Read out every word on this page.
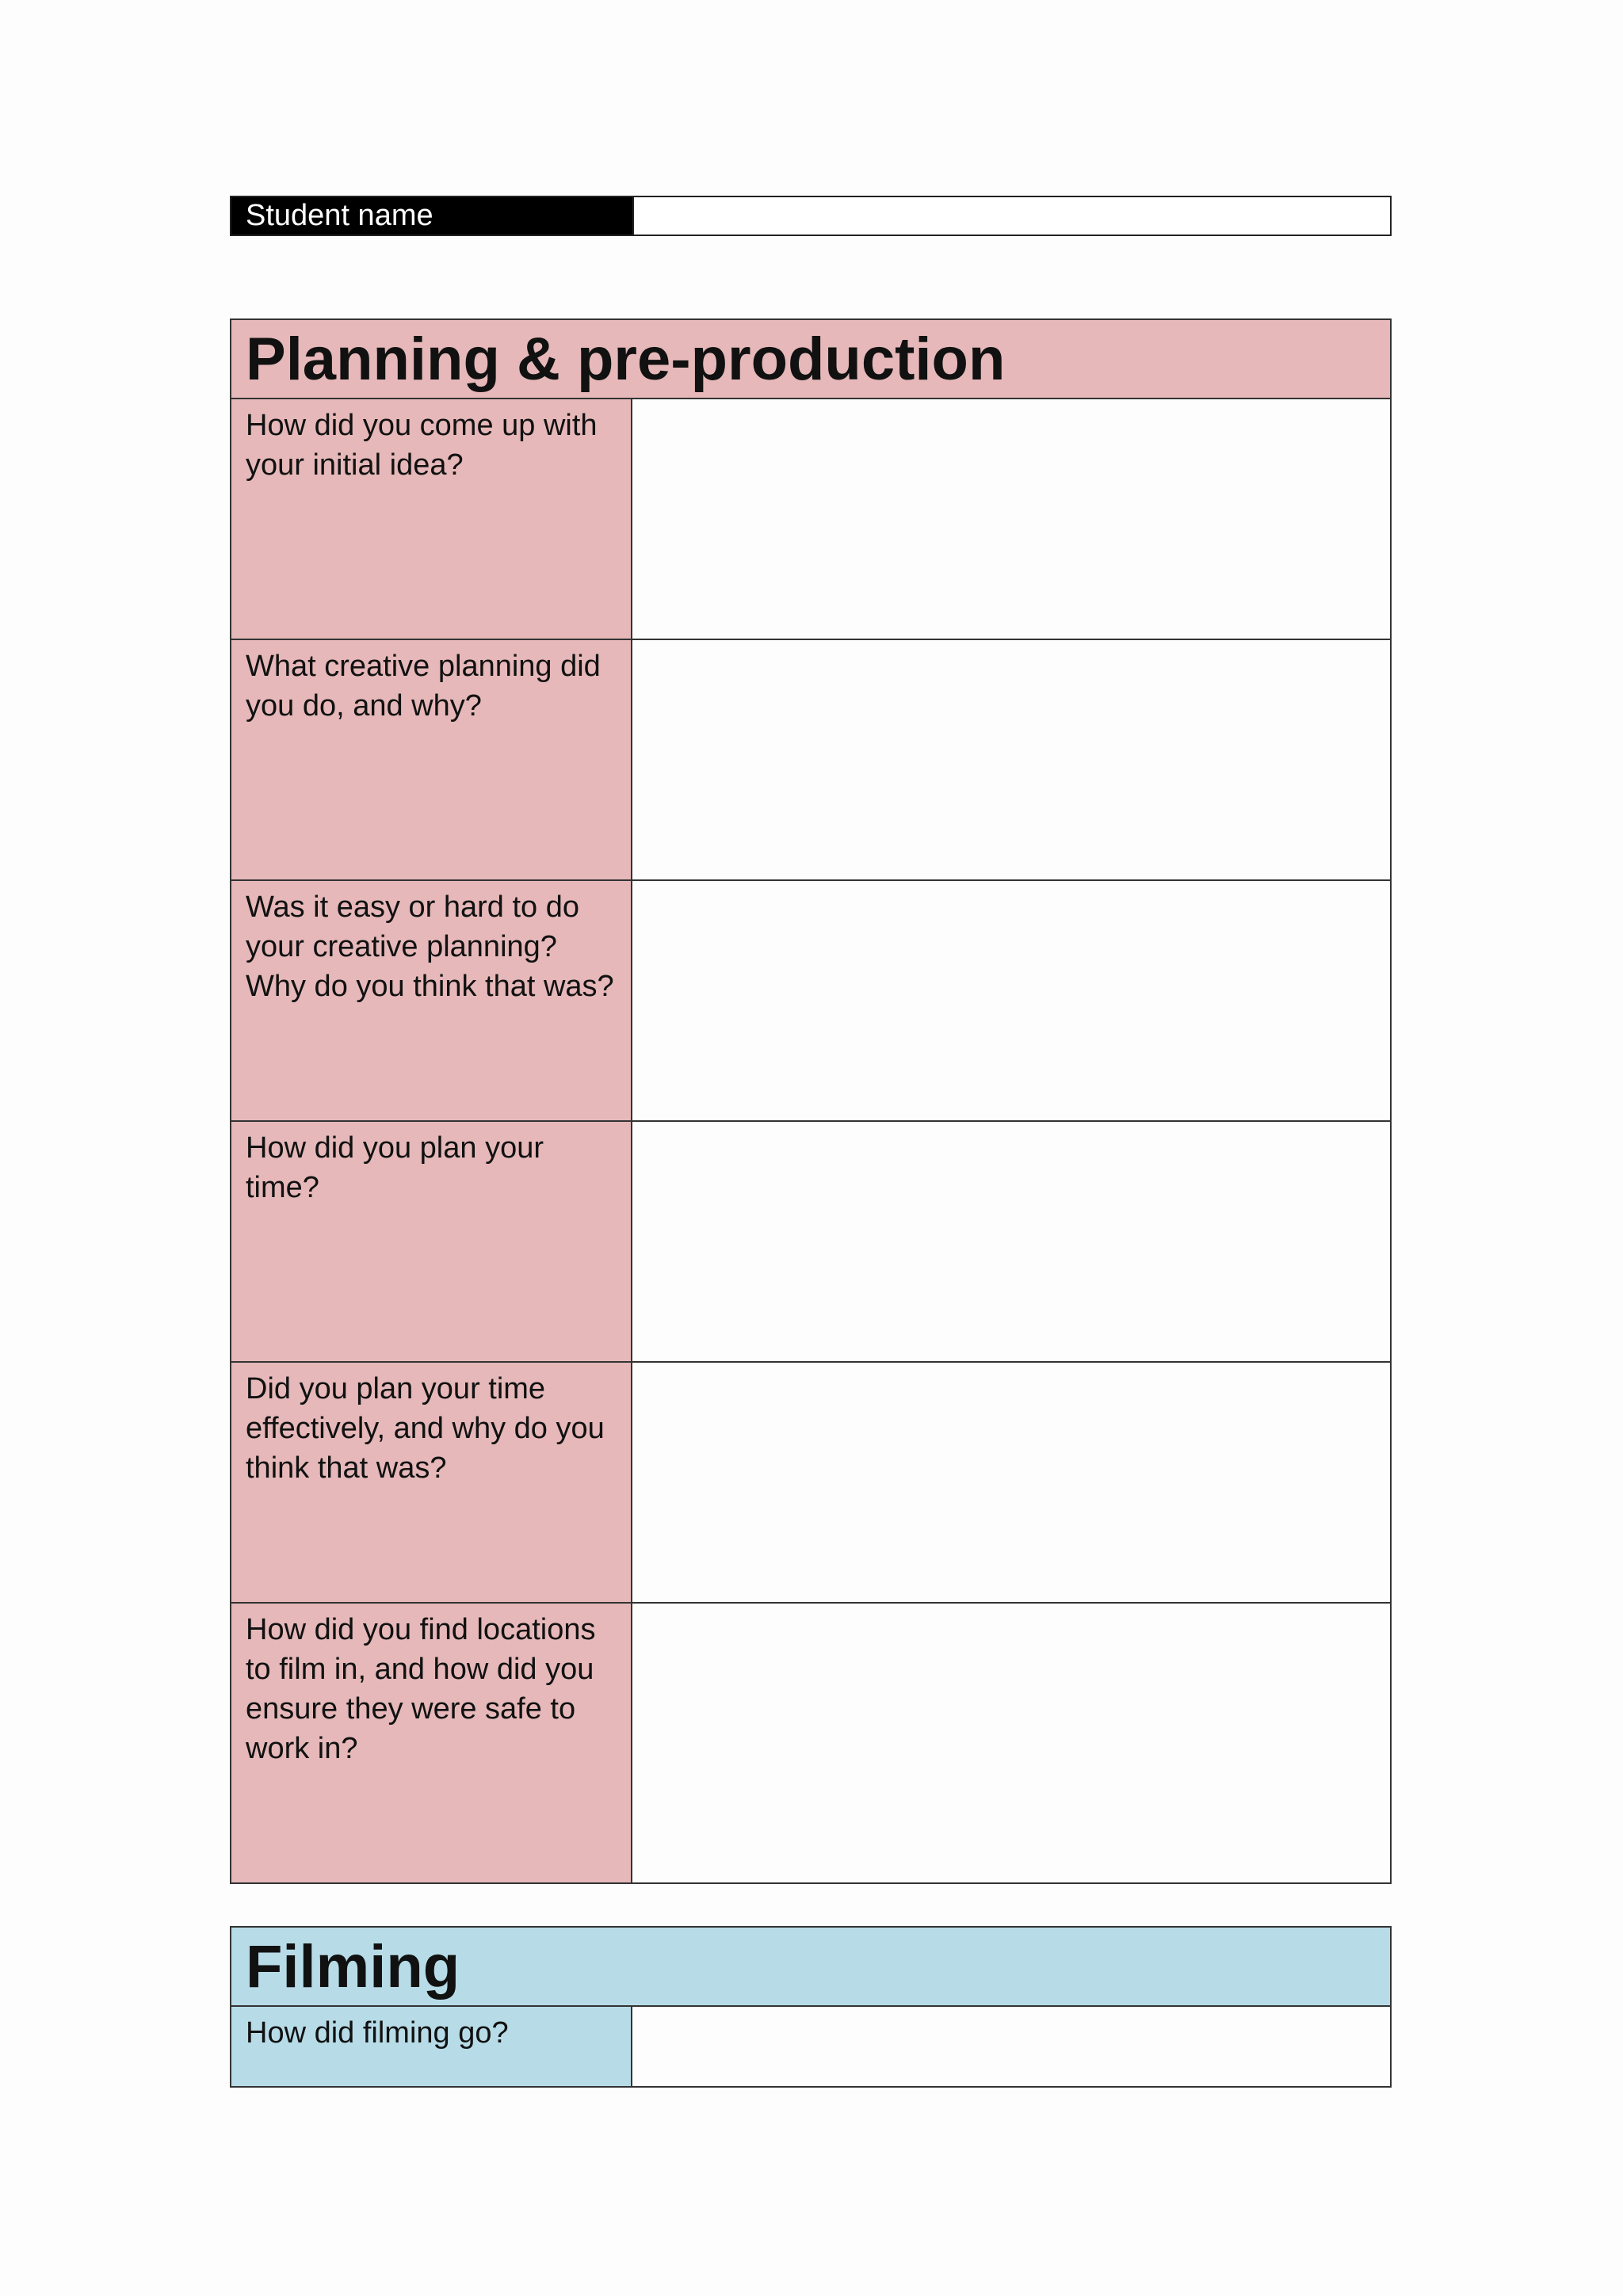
Student name
Planning & pre-production
How did you come up with your initial idea?
What creative planning did you do, and why?
Was it easy or hard to do your creative planning? Why do you think that was?
How did you plan your time?
Did you plan your time effectively, and why do you think that was?
How did you find locations to film in, and how did you ensure they were safe to work in?
Filming
How did filming go?
